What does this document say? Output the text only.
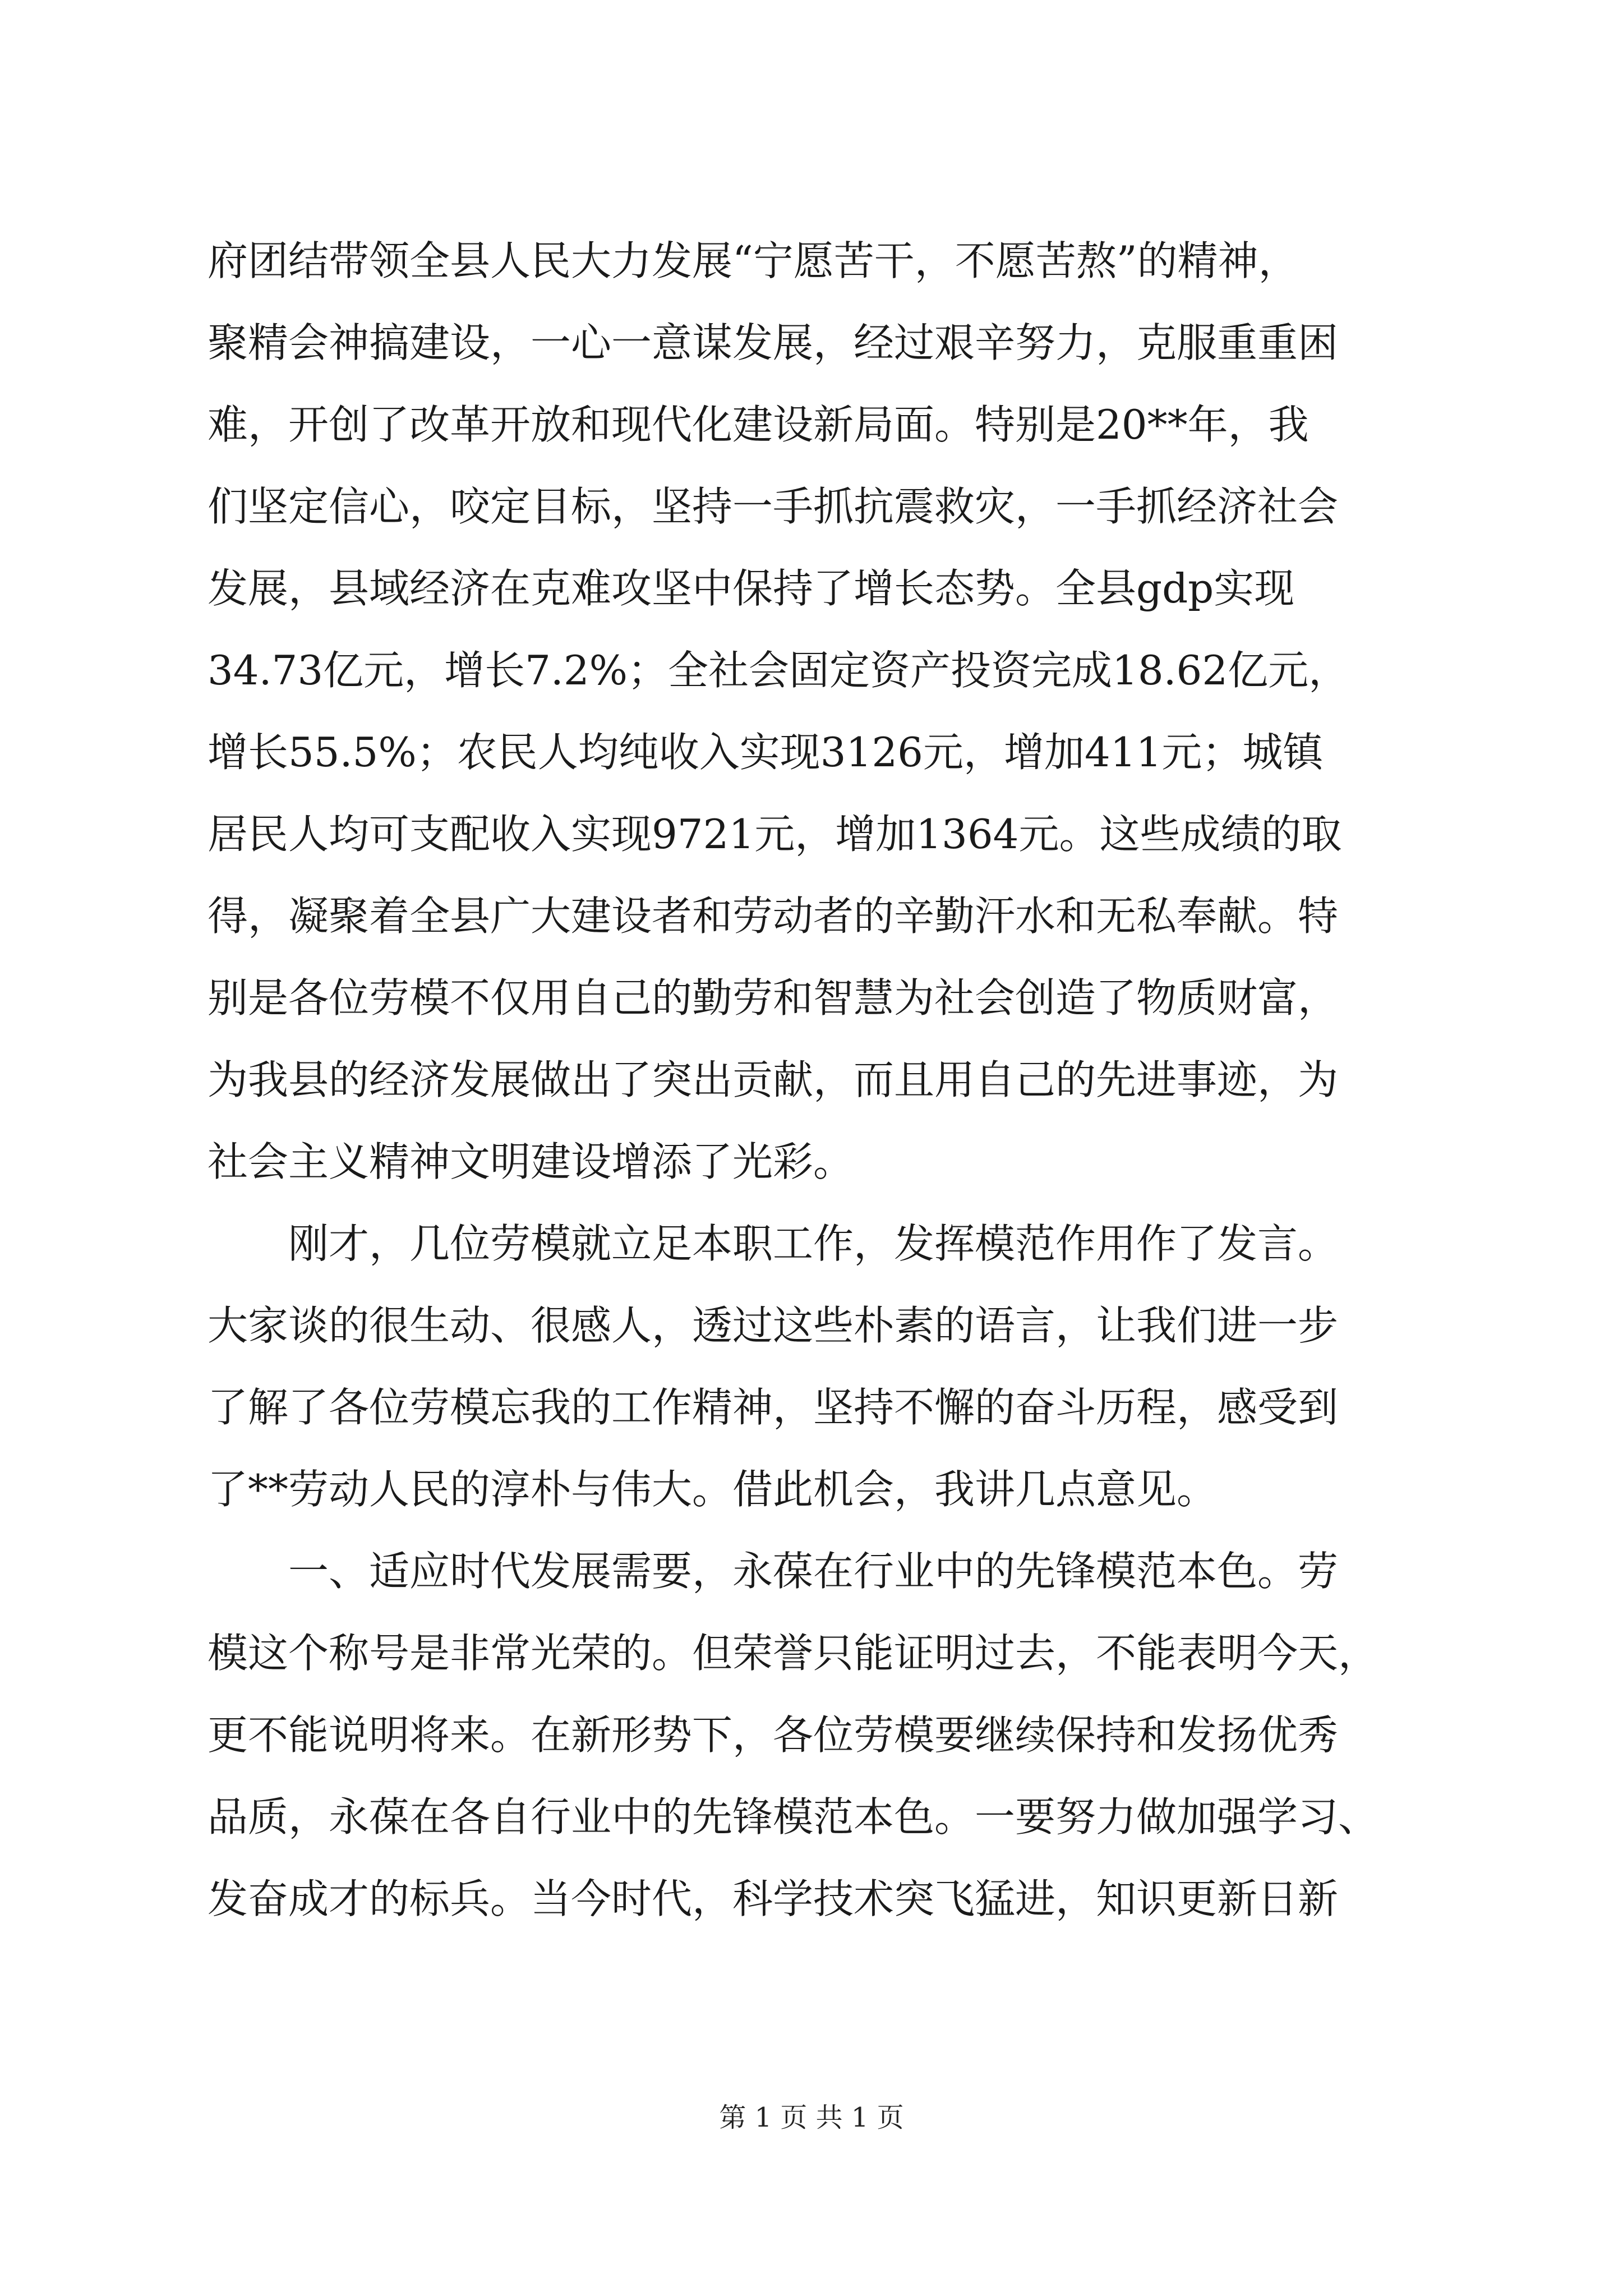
府团结带领全县人民大力发展“宁愿苦干，不愿苦熬”的精神，
聚精会神搞建设，一心一意谋发展，经过艰辛努力，克服重重困
难，开创了改革开放和现代化建设新局面。特别是20**年，我
们坚定信心，咬定目标，坚持一手抓抗震救灾，一手抓经济社会
发展，县域经济在克难攻坚中保持了增长态势。全县gdp实现
34.73亿元，增长7.2%；全社会固定资产投资完成18.62亿元，
增长55.5%；农民人均纯收入实现3126元，增加411元；城镇
居民人均可支配收入实现9721元，增加1364元。这些成绩的取
得，凝聚着全县广大建设者和劳动者的辛勤汗水和无私奉献。特
别是各位劳模不仅用自己的勤劳和智慧为社会创造了物质财富，
为我县的经济发展做出了突出贡献，而且用自己的先进事迹，为
社会主义精神文明建设增添了光彩。
　　刚才，几位劳模就立足本职工作，发挥模范作用作了发言。
大家谈的很生动、很感人，透过这些朴素的语言，让我们进一步
了解了各位劳模忘我的工作精神，坚持不懈的奋斗历程，感受到
了**劳动人民的淳朴与伟大。借此机会，我讲几点意见。
　　一、适应时代发展需要，永葆在行业中的先锋模范本色。劳
模这个称号是非常光荣的。但荣誉只能证明过去，不能表明今天，
更不能说明将来。在新形势下，各位劳模要继续保持和发扬优秀
品质，永葆在各自行业中的先锋模范本色。一要努力做加强学习、
发奋成才的标兵。当今时代，科学技术突飞猛进，知识更新日新
第 1 页 共 1 页
